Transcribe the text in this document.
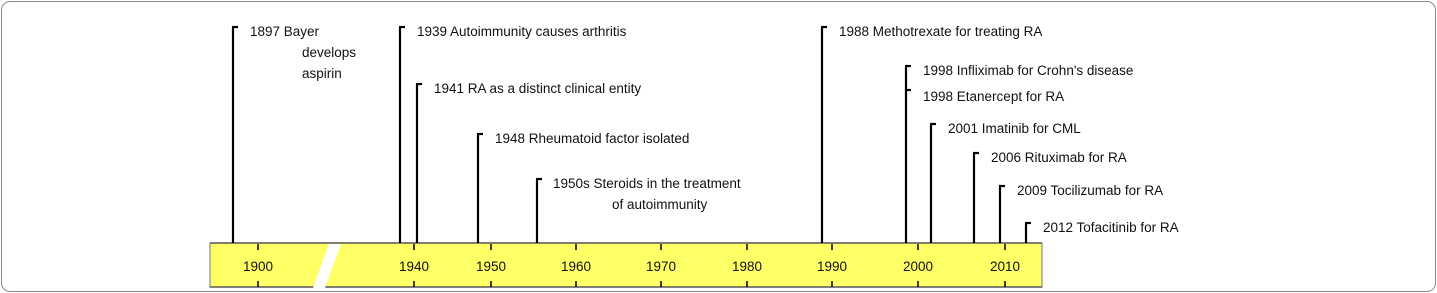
1900	1940	1950	1960	1970	1980	1990	2000	2010
1897 Bayer
develops
aspirin
1939 Autoimmunity causes arthritis
1941 RA as a distinct clinical entity
1948 Rheumatoid factor isolated
1950s Steroids in the treatment
of autoimmunity
1988 Methotrexate for treating RA
1998 Infliximab for Crohn's disease
1998 Etanercept for RA
2001 Imatinib for CML
2006 Rituximab for RA
2009 Tocilizumab for RA
2012 Tofacitinib for RA
